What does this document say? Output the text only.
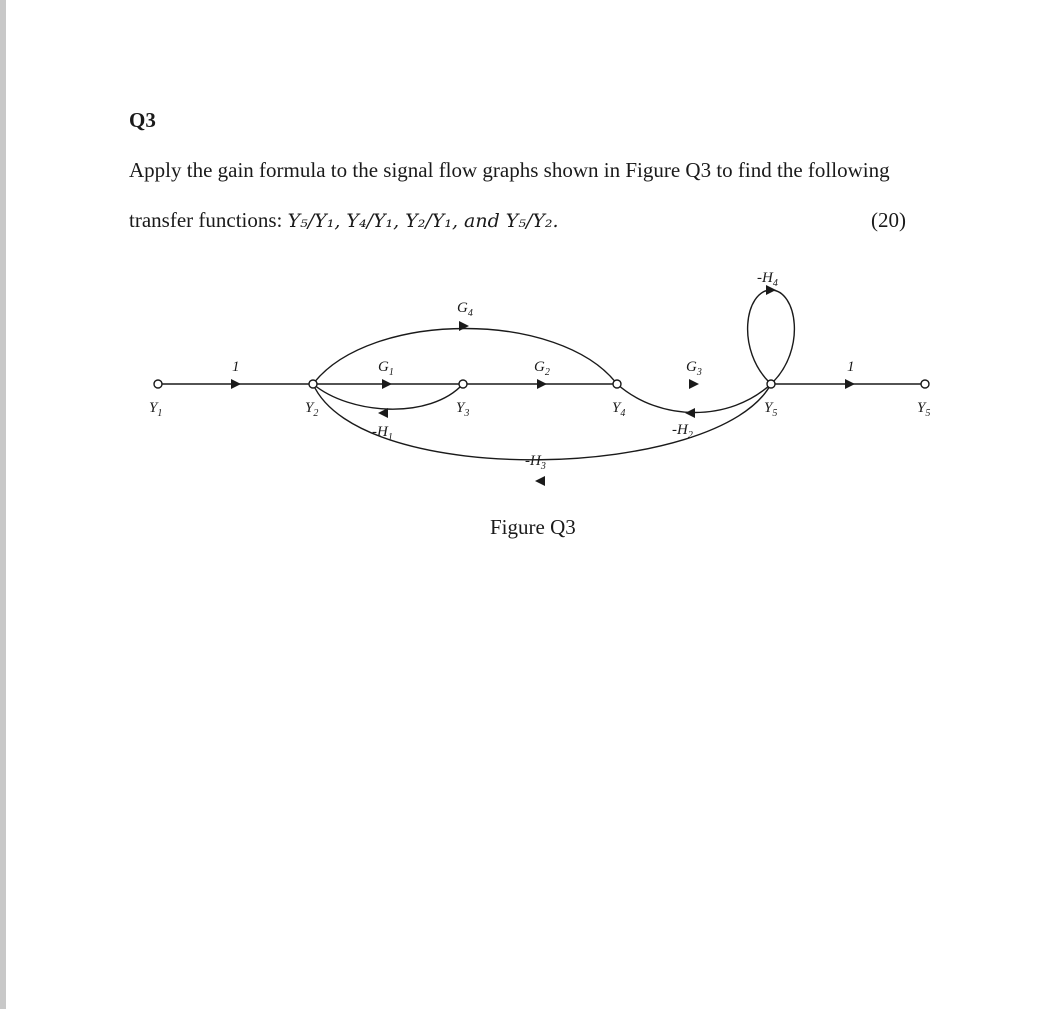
Q3
Apply the gain formula to the signal flow graphs shown in Figure Q3 to find the following
transfer functions: Y₅/Y₁, Y₄/Y₁, Y₂/Y₁, and Y₅/Y₂.	(20)
$Y_1$	$Y_2$	$Y_3$	$Y_4$	$Y_5$	$Y_5$
1	1
$G_1$	$G_2$	$G_3$
$G_4$
$-H_1$	$-H_2$
$-H_3$
$-H_4$
Figure Q3
